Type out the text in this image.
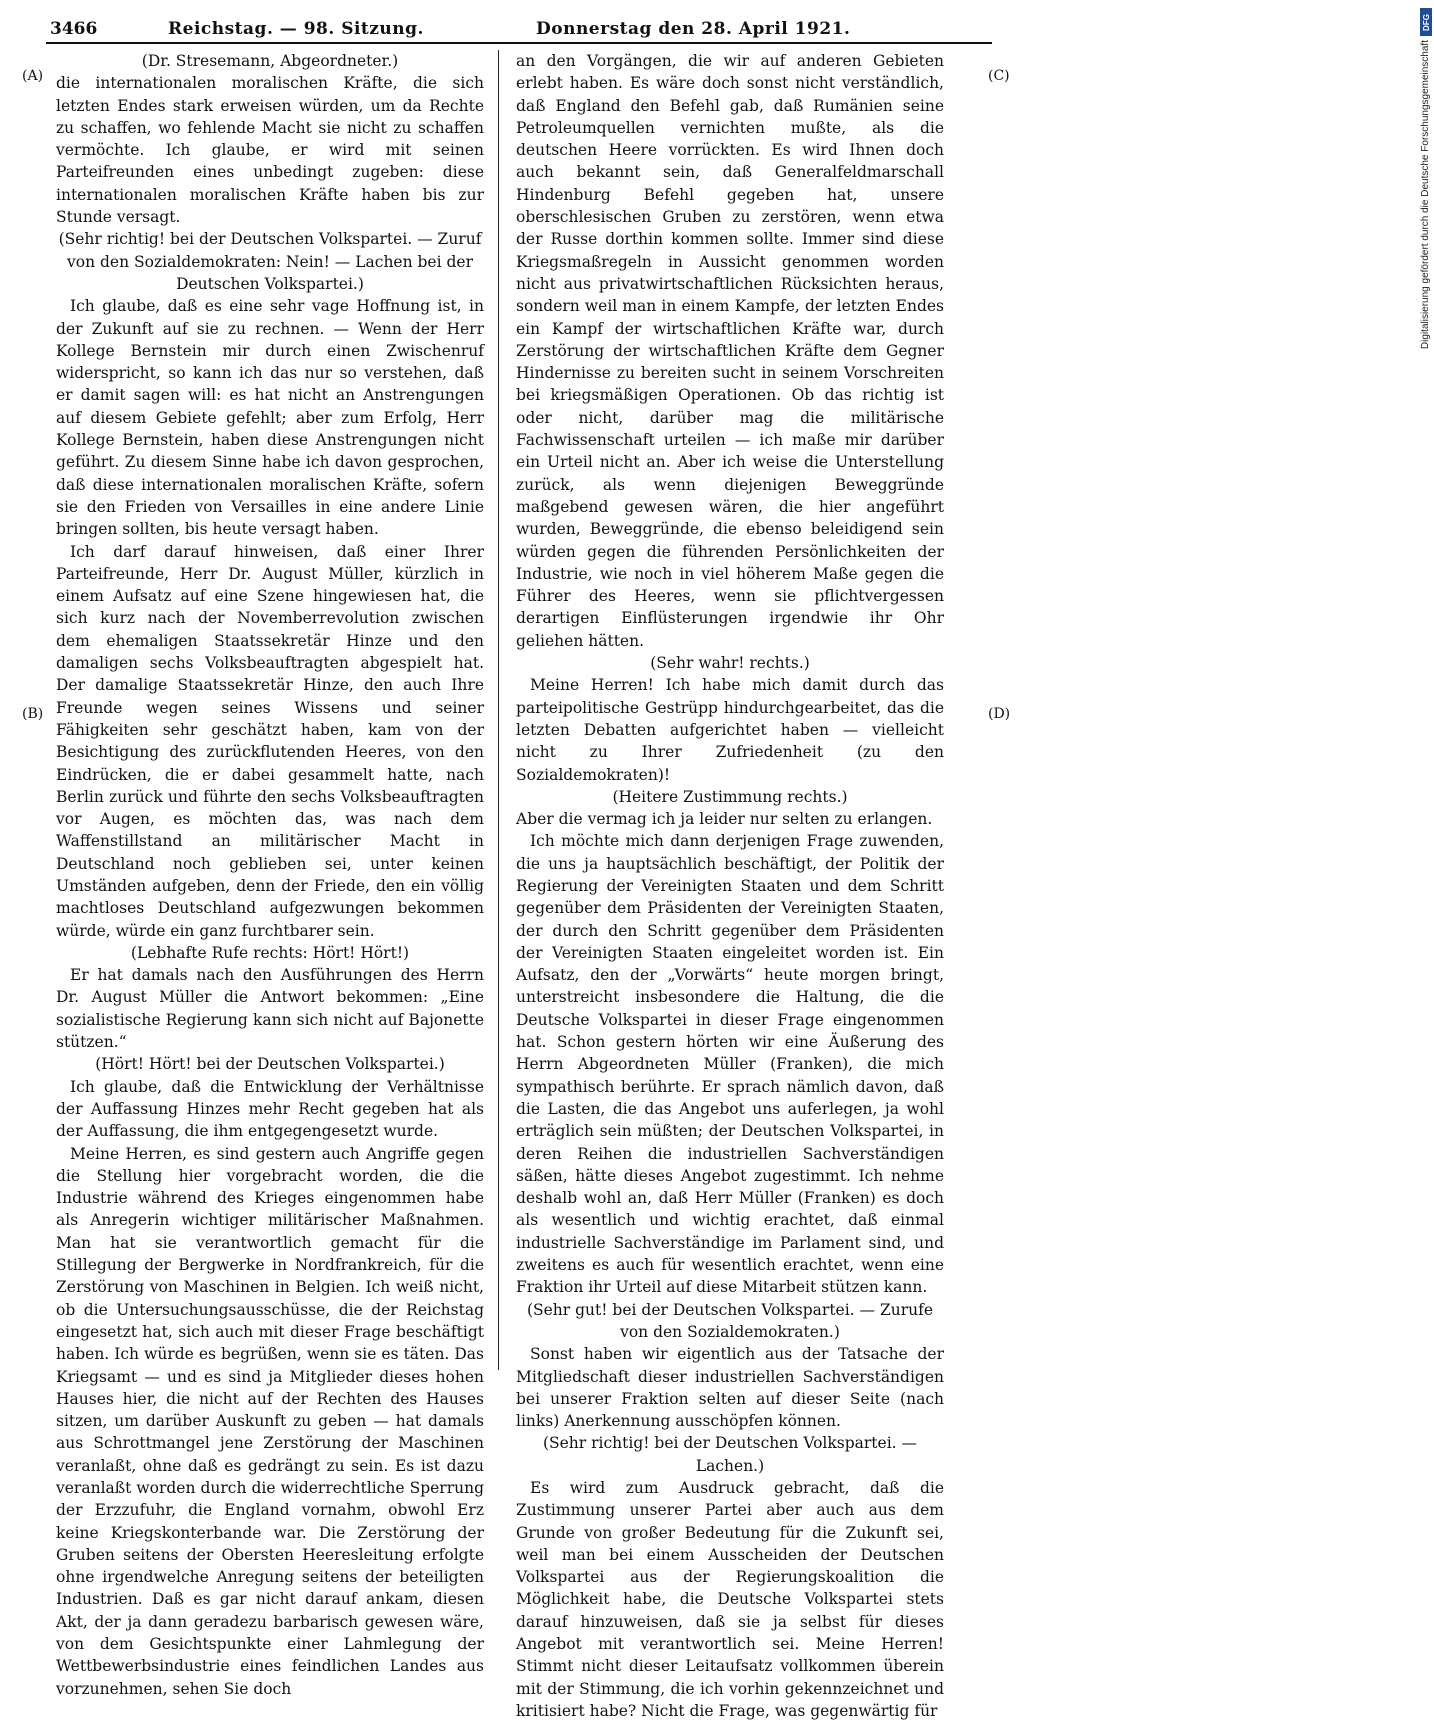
3466	Reichstag. — 98. Sitzung.	Donnerstag den 28. April 1921.
(A)
(B)
(C)
(D)

(Dr. Stresemann, Abgeordneter.)

die internationalen moralischen Kräfte, die sich letzten Endes stark erweisen würden, um da Rechte zu schaffen, wo fehlende Macht sie nicht zu schaffen vermöchte. Ich glaube, er wird mit seinen Parteifreunden eines unbedingt zugeben: diese internationalen moralischen Kräfte haben bis zur Stunde versagt.

(Sehr richtig! bei der Deutschen Volkspartei. — Zuruf von den Sozialdemokraten: Nein! — Lachen bei der Deutschen Volkspartei.)

Ich glaube, daß es eine sehr vage Hoffnung ist, in der Zukunft auf sie zu rechnen. — Wenn der Herr Kollege Bernstein mir durch einen Zwischenruf widerspricht, so kann ich das nur so verstehen, daß er damit sagen will: es hat nicht an Anstrengungen auf diesem Gebiete gefehlt; aber zum Erfolg, Herr Kollege Bernstein, haben diese Anstrengungen nicht geführt. Zu diesem Sinne habe ich davon gesprochen, daß diese internationalen moralischen Kräfte, sofern sie den Frieden von Versailles in eine andere Linie bringen sollten, bis heute versagt haben.

Ich darf darauf hinweisen, daß einer Ihrer Parteifreunde, Herr Dr. August Müller, kürzlich in einem Aufsatz auf eine Szene hingewiesen hat, die sich kurz nach der Novemberrevolution zwischen dem ehemaligen Staatssekretär Hinze und den damaligen sechs Volksbeauftragten abgespielt hat. Der damalige Staatssekretär Hinze, den auch Ihre Freunde wegen seines Wissens und seiner Fähigkeiten sehr geschätzt haben, kam von der Besichtigung des zurückflutenden Heeres, von den Eindrücken, die er dabei gesammelt hatte, nach Berlin zurück und führte den sechs Volksbeauftragten vor Augen, es möchten das, was nach dem Waffenstillstand an militärischer Macht in Deutschland noch geblieben sei, unter keinen Umständen aufgeben, denn der Friede, den ein völlig machtloses Deutschland aufgezwungen bekommen würde, würde ein ganz furchtbarer sein.

(Lebhafte Rufe rechts: Hört! Hört!)

Er hat damals nach den Ausführungen des Herrn Dr. August Müller die Antwort bekommen: „Eine sozialistische Regierung kann sich nicht auf Bajonette stützen.“

(Hört! Hört! bei der Deutschen Volkspartei.)

Ich glaube, daß die Entwicklung der Verhältnisse der Auffassung Hinzes mehr Recht gegeben hat als der Auffassung, die ihm entgegengesetzt wurde.

Meine Herren, es sind gestern auch Angriffe gegen die Stellung hier vorgebracht worden, die die Industrie während des Krieges eingenommen habe als Anregerin wichtiger militärischer Maßnahmen. Man hat sie verantwortlich gemacht für die Stillegung der Bergwerke in Nordfrankreich, für die Zerstörung von Maschinen in Belgien. Ich weiß nicht, ob die Untersuchungsausschüsse, die der Reichstag eingesetzt hat, sich auch mit dieser Frage beschäftigt haben. Ich würde es begrüßen, wenn sie es täten. Das Kriegsamt — und es sind ja Mitglieder dieses hohen Hauses hier, die nicht auf der Rechten des Hauses sitzen, um darüber Auskunft zu geben — hat damals aus Schrottmangel jene Zerstörung der Maschinen veranlaßt, ohne daß es gedrängt zu sein. Es ist dazu veranlaßt worden durch die widerrechtliche Sperrung der Erzzufuhr, die England vornahm, obwohl Erz keine Kriegskonterbande war. Die Zerstörung der Gruben seitens der Obersten Heeresleitung erfolgte ohne irgendwelche Anregung seitens der beteiligten Industrien. Daß es gar nicht darauf ankam, diesen Akt, der ja dann geradezu barbarisch gewesen wäre, von dem Gesichtspunkte einer Lahmlegung der Wettbewerbsindustrie eines feindlichen Landes aus vorzunehmen, sehen Sie doch

an den Vorgängen, die wir auf anderen Gebieten erlebt haben. Es wäre doch sonst nicht verständlich, daß England den Befehl gab, daß Rumänien seine Petroleumquellen vernichten mußte, als die deutschen Heere vorrückten. Es wird Ihnen doch auch bekannt sein, daß Generalfeldmarschall Hindenburg Befehl gegeben hat, unsere oberschlesischen Gruben zu zerstören, wenn etwa der Russe dorthin kommen sollte. Immer sind diese Kriegsmaßregeln in Aussicht genommen worden nicht aus privatwirtschaftlichen Rücksichten heraus, sondern weil man in einem Kampfe, der letzten Endes ein Kampf der wirtschaftlichen Kräfte war, durch Zerstörung der wirtschaftlichen Kräfte dem Gegner Hindernisse zu bereiten sucht in seinem Vorschreiten bei kriegsmäßigen Operationen. Ob das richtig ist oder nicht, darüber mag die militärische Fachwissenschaft urteilen — ich maße mir darüber ein Urteil nicht an. Aber ich weise die Unterstellung zurück, als wenn diejenigen Beweggründe maßgebend gewesen wären, die hier angeführt wurden, Beweggründe, die ebenso beleidigend sein würden gegen die führenden Persönlichkeiten der Industrie, wie noch in viel höherem Maße gegen die Führer des Heeres, wenn sie pflichtvergessen derartigen Einflüsterungen irgendwie ihr Ohr geliehen hätten.

(Sehr wahr! rechts.)

Meine Herren! Ich habe mich damit durch das parteipolitische Gestrüpp hindurchgearbeitet, das die letzten Debatten aufgerichtet haben — vielleicht nicht zu Ihrer Zufriedenheit (zu den Sozialdemokraten)!

(Heitere Zustimmung rechts.)

Aber die vermag ich ja leider nur selten zu erlangen.

Ich möchte mich dann derjenigen Frage zuwenden, die uns ja hauptsächlich beschäftigt, der Politik der Regierung der Vereinigten Staaten und dem Schritt gegenüber dem Präsidenten der Vereinigten Staaten, der durch den Schritt gegenüber dem Präsidenten der Vereinigten Staaten eingeleitet worden ist. Ein Aufsatz, den der „Vorwärts“ heute morgen bringt, unterstreicht insbesondere die Haltung, die die Deutsche Volkspartei in dieser Frage eingenommen hat. Schon gestern hörten wir eine Äußerung des Herrn Abgeordneten Müller (Franken), die mich sympathisch berührte. Er sprach nämlich davon, daß die Lasten, die das Angebot uns auferlegen, ja wohl erträglich sein müßten; der Deutschen Volkspartei, in deren Reihen die industriellen Sachverständigen säßen, hätte dieses Angebot zugestimmt. Ich nehme deshalb wohl an, daß Herr Müller (Franken) es doch als wesentlich und wichtig erachtet, daß einmal industrielle Sachverständige im Parlament sind, und zweitens es auch für wesentlich erachtet, wenn eine Fraktion ihr Urteil auf diese Mitarbeit stützen kann.

(Sehr gut! bei der Deutschen Volkspartei. — Zurufe von den Sozialdemokraten.)

Sonst haben wir eigentlich aus der Tatsache der Mitgliedschaft dieser industriellen Sachverständigen bei unserer Fraktion selten auf dieser Seite (nach links) Anerkennung ausschöpfen können.

(Sehr richtig! bei der Deutschen Volkspartei. — Lachen.)

Es wird zum Ausdruck gebracht, daß die Zustimmung unserer Partei aber auch aus dem Grunde von großer Bedeutung für die Zukunft sei, weil man bei einem Ausscheiden der Deutschen Volkspartei aus der Regierungskoalition die Möglichkeit habe, die Deutsche Volkspartei stets darauf hinzuweisen, daß sie ja selbst für dieses Angebot mit verantwortlich sei. Meine Herren! Stimmt nicht dieser Leitaufsatz vollkommen überein mit der Stimmung, die ich vorhin gekennzeichnet und kritisiert habe? Nicht die Frage, was gegenwärtig für

Digitalisierung gefördert durch die Deutsche Forschungsgemeinschaft
DFG
